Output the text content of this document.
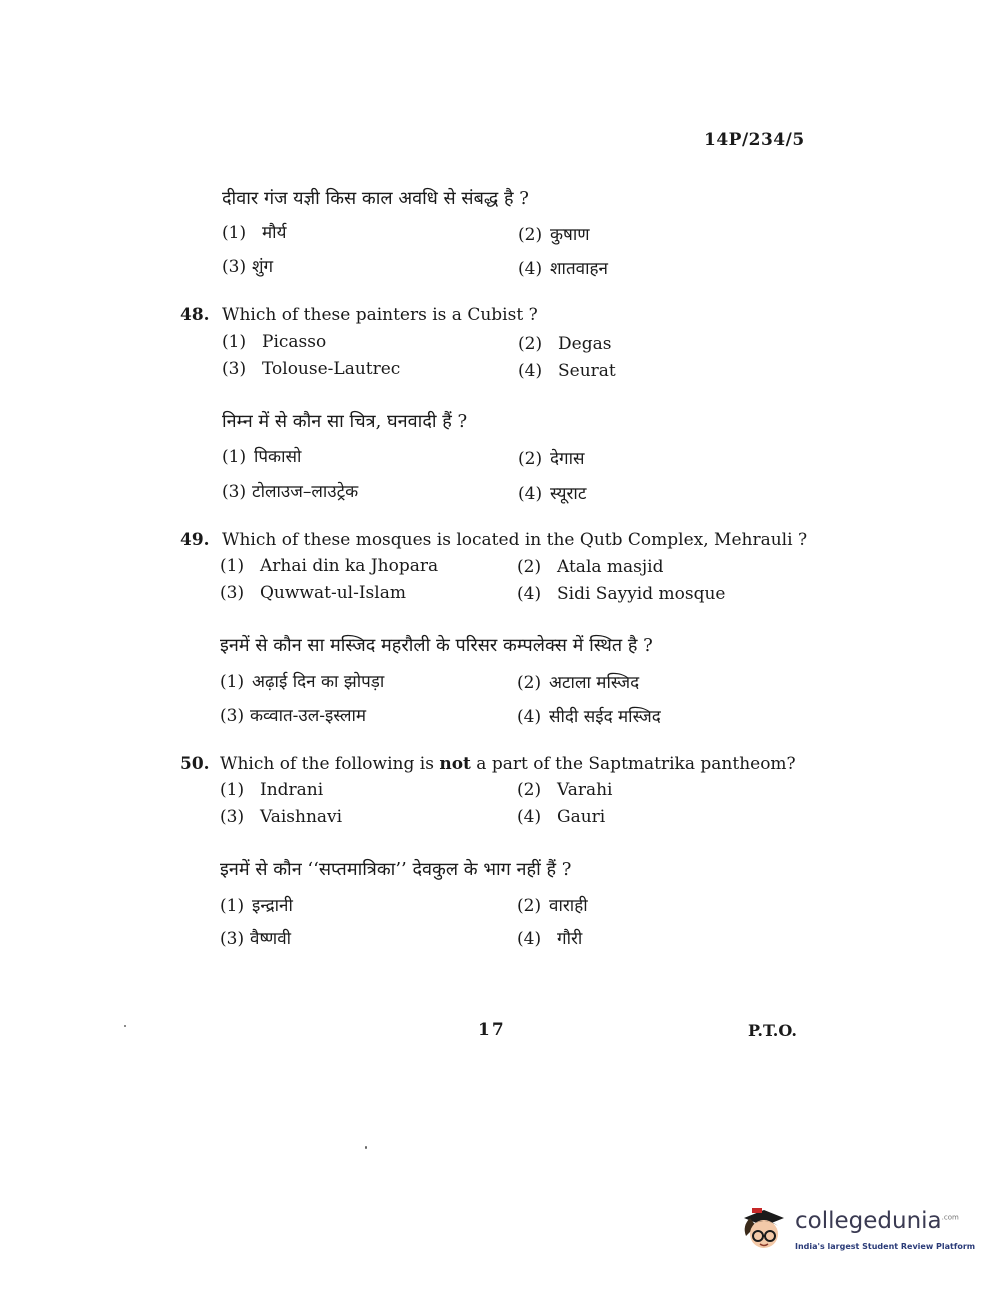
14P/234/5
दीवार गंज यज्ञी किस काल अवधि से संबद्ध है ?
(1) मौर्य	(2) कुषाण
(3) शुंग	(4) शातवाहन
48. Which of these painters is a Cubist ?
(1) Picasso	(2) Degas
(3) Tolouse-Lautrec	(4) Seurat
निम्न में से कौन सा चित्र, घनवादी हैं ?
(1) पिकासो	(2) देगास
(3) टोलाउज–लाउट्रेक	(4) स्यूराट
49. Which of these mosques is located in the Qutb Complex, Mehrauli ?
(1) Arhai din ka Jhopara	(2) Atala masjid
(3) Quwwat-ul-Islam	(4) Sidi Sayyid mosque
इनमें से कौन सा मस्जिद महरौली के परिसर कम्पलेक्स में स्थित है ?
(1) अढ़ाई दिन का झोपड़ा	(2) अटाला मस्जिद
(3) कव्वात-उल-इस्लाम	(4) सीदी सईद मस्जिद
50. Which of the following is not a part of the Saptmatrika pantheom?
(1) Indrani	(2) Varahi
(3) Vaishnavi	(4) Gauri
इनमें से कौन ‘‘सप्तमात्रिका’’ देवकुल के भाग नहीं हैं ?
(1) इन्द्रानी	(2) वाराही
(3) वैष्णवी	(4) गौरी
17	P.T.O.
collegedunia$^{.com}$
India's largest Student Review Platform
